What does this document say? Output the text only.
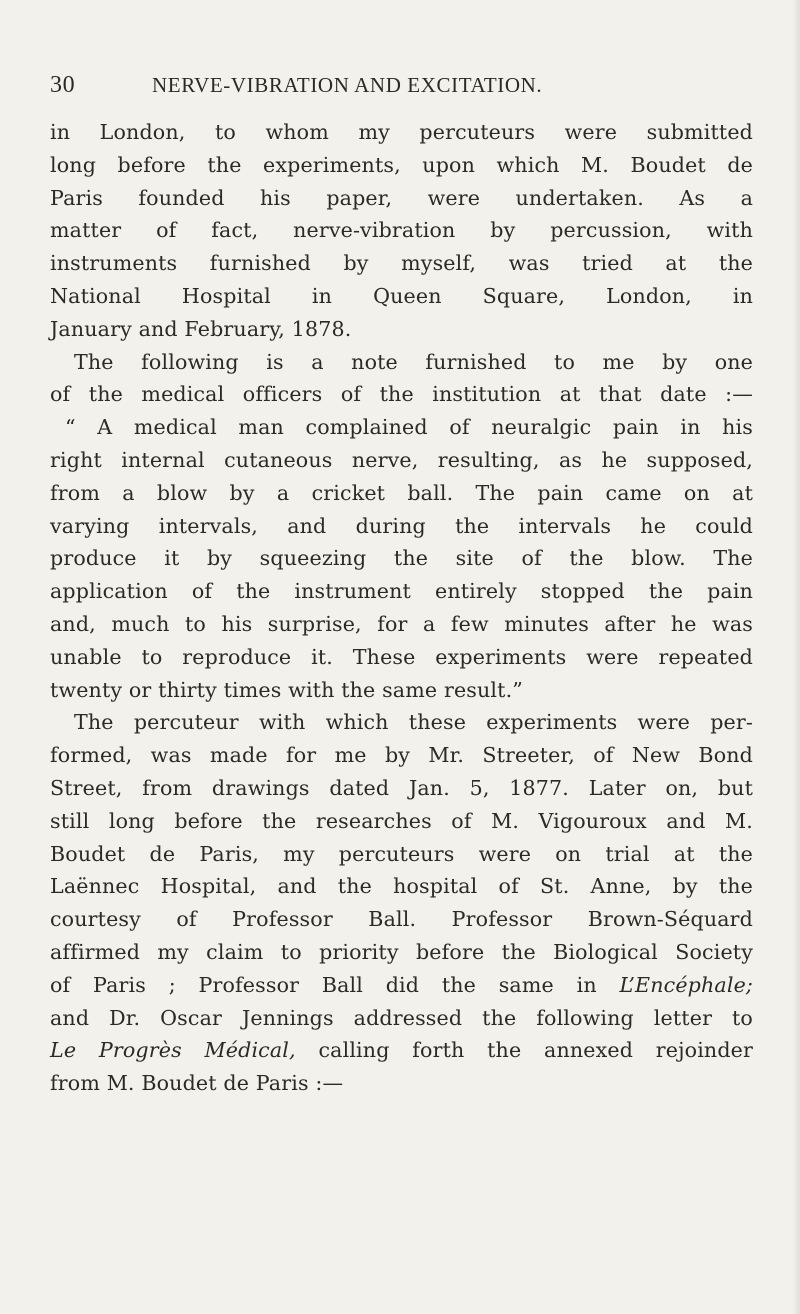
30	NERVE-VIBRATION AND EXCITATION.
in London, to whom my percuteurs were submitted
long before the experiments, upon which M. Boudet de
Paris founded his paper, were undertaken. As a
matter of fact, nerve-vibration by percussion, with
instruments furnished by myself, was tried at the
National Hospital in Queen Square, London, in
January and February, 1878.
The following is a note furnished to me by one
of the medical officers of the institution at that date :—
“ A medical man complained of neuralgic pain in his
right internal cutaneous nerve, resulting, as he supposed,
from a blow by a cricket ball. The pain came on at
varying intervals, and during the intervals he could
produce it by squeezing the site of the blow. The
application of the instrument entirely stopped the pain
and, much to his surprise, for a few minutes after he was
unable to reproduce it. These experiments were repeated
twenty or thirty times with the same result.”
The percuteur with which these experiments were per-
formed, was made for me by Mr. Streeter, of New Bond
Street, from drawings dated Jan. 5, 1877. Later on, but
still long before the researches of M. Vigouroux and M.
Boudet de Paris, my percuteurs were on trial at the
Laënnec Hospital, and the hospital of St. Anne, by the
courtesy of Professor Ball. Professor Brown-Séquard
affirmed my claim to priority before the Biological Society
of Paris ; Professor Ball did the same in L’Encéphale;
and Dr. Oscar Jennings addressed the following letter to
Le Progrès Médical, calling forth the annexed rejoinder
from M. Boudet de Paris :—
